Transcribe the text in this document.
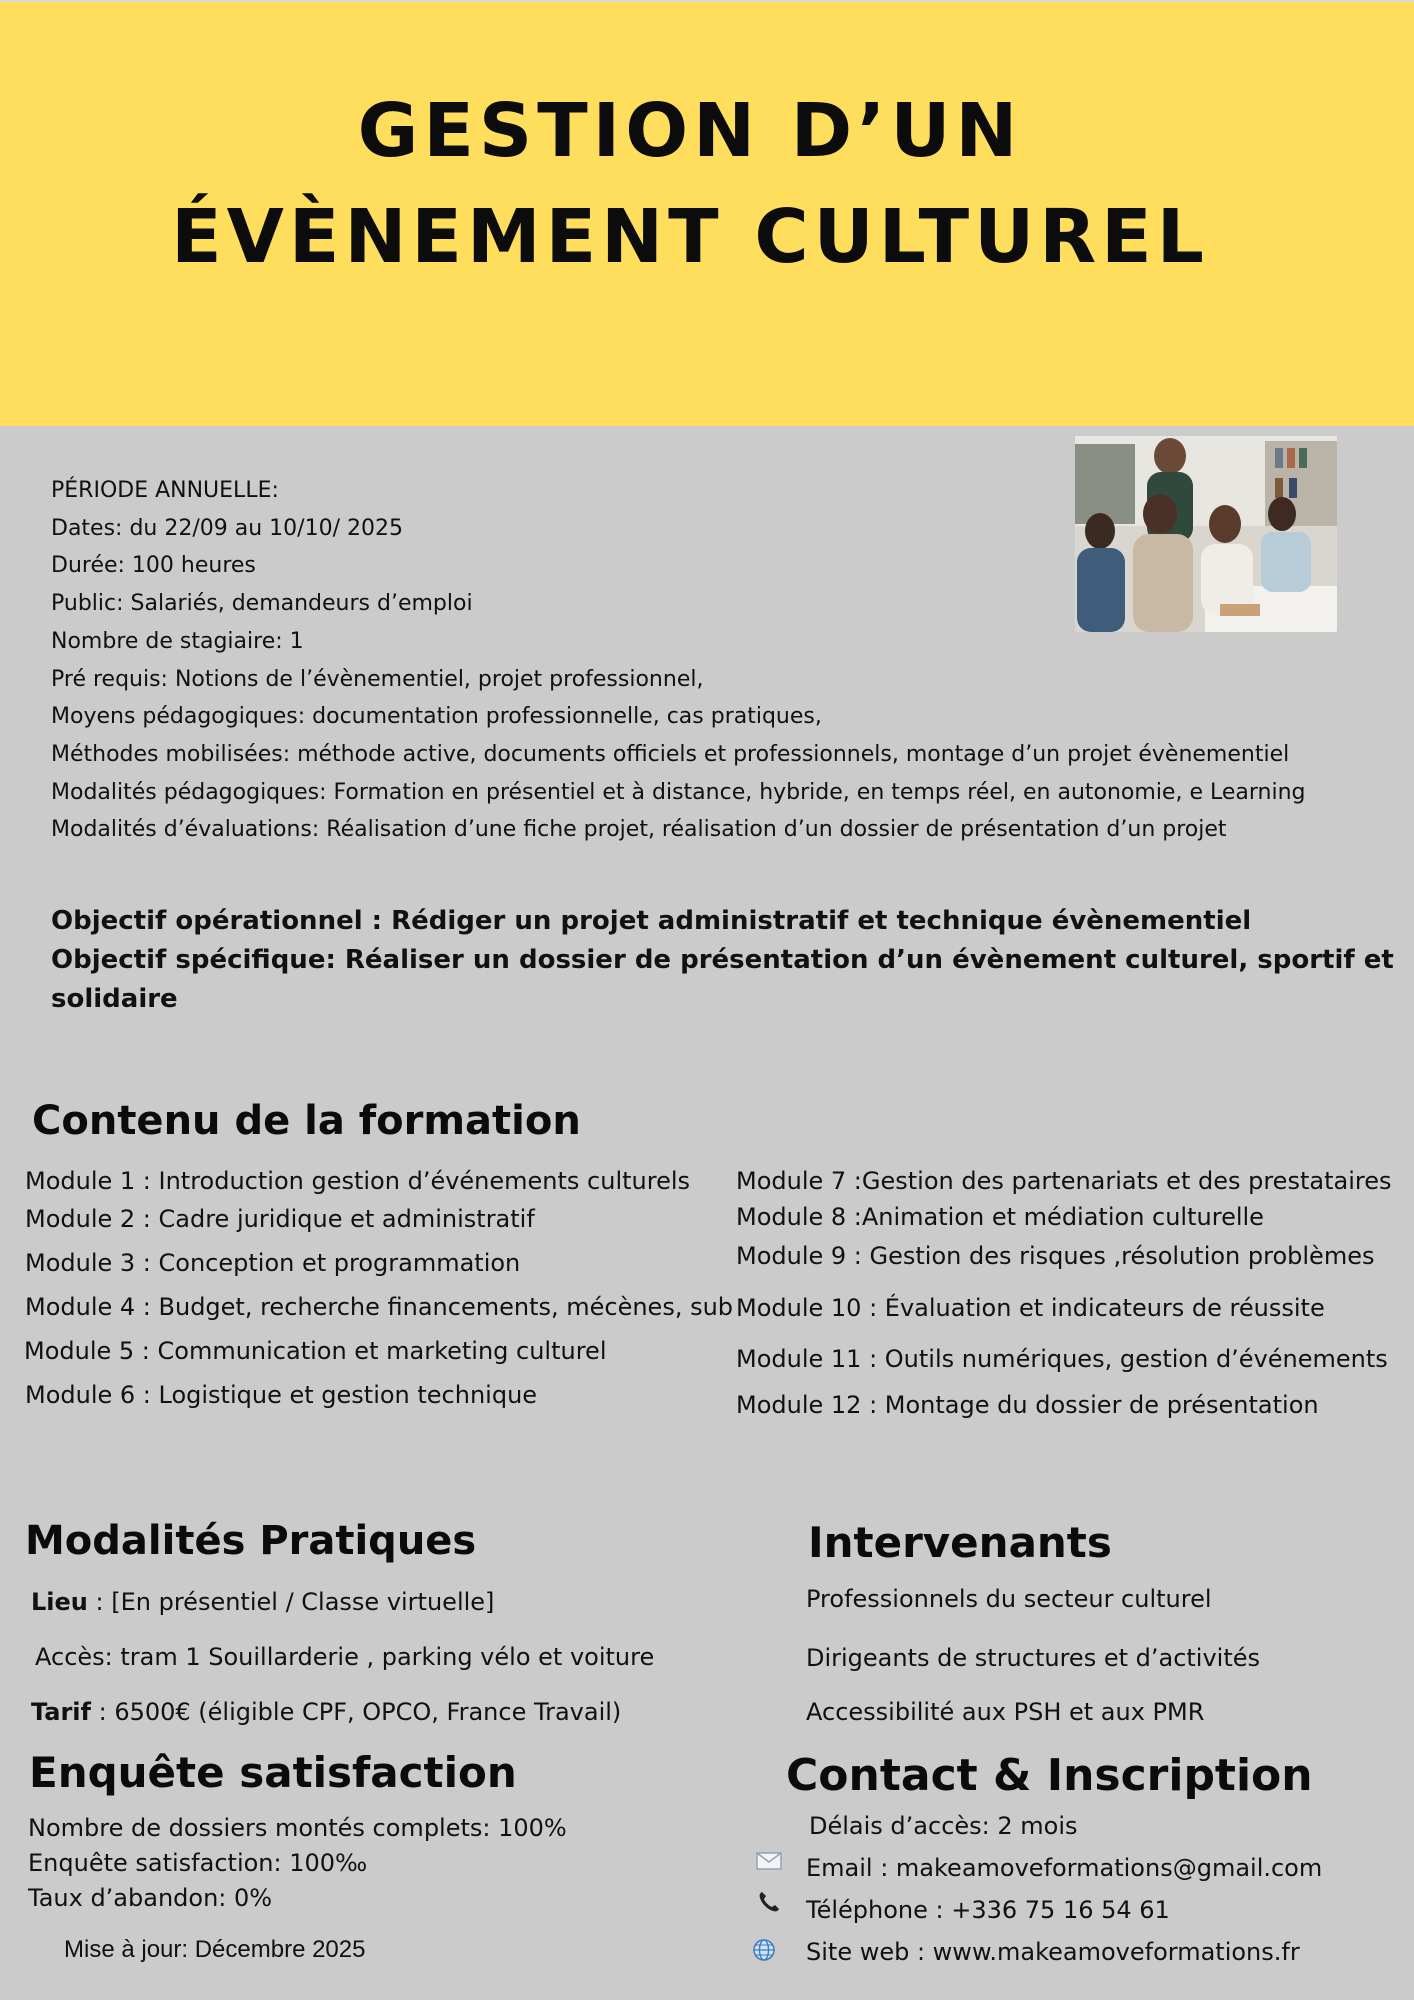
GESTION D’UN
ÉVÈNEMENT CULTUREL
PÉRIODE ANNUELLE:
Dates: du 22/09 au 10/10/ 2025
Durée: 100 heures
Public: Salariés, demandeurs d’emploi
Nombre de stagiaire: 1
Pré requis: Notions de l’évènementiel, projet professionnel,
Moyens pédagogiques: documentation professionnelle, cas pratiques,
Méthodes mobilisées: méthode active, documents officiels et professionnels, montage d’un projet évènementiel
Modalités pédagogiques: Formation en présentiel et à distance, hybride, en temps réel, en autonomie, e Learning
Modalités d’évaluations: Réalisation d’une fiche projet, réalisation d’un dossier de présentation d’un projet
Objectif opérationnel : Rédiger un projet administratif et technique évènementiel
Objectif spécifique: Réaliser un dossier de présentation d’un évènement culturel, sportif et
solidaire
Contenu de la formation
Module 1 : Introduction gestion d’événements culturels
Module 2 : Cadre juridique et administratif
Module 3 : Conception et programmation
Module 4 : Budget, recherche financements, mécènes, sub
Module 5 : Communication et marketing culturel
Module 6 : Logistique et gestion technique
Module 7 :Gestion des partenariats et des prestataires
Module 8 :Animation et médiation culturelle
Module 9 : Gestion des risques ,résolution problèmes
Module 10 : Évaluation et indicateurs de réussite
Module 11 : Outils numériques, gestion d’événements
Module 12 : Montage du dossier de présentation
Modalités Pratiques
Lieu : [En présentiel / Classe virtuelle]
Accès: tram 1 Souillarderie , parking vélo et voiture
Tarif : 6500€ (éligible CPF, OPCO, France Travail)
Intervenants
Professionnels du secteur culturel
Dirigeants de structures et d’activités
Accessibilité aux PSH et aux PMR
Enquête satisfaction
Nombre de dossiers montés complets: 100%
Enquête satisfaction: 100‰
Taux d’abandon: 0%
Mise à jour: Décembre 2025
Contact & Inscription
Délais d’accès: 2 mois
Email : makeamoveformations@gmail.com
Téléphone : +336 75 16 54 61
Site web : www.makeamoveformations.fr
